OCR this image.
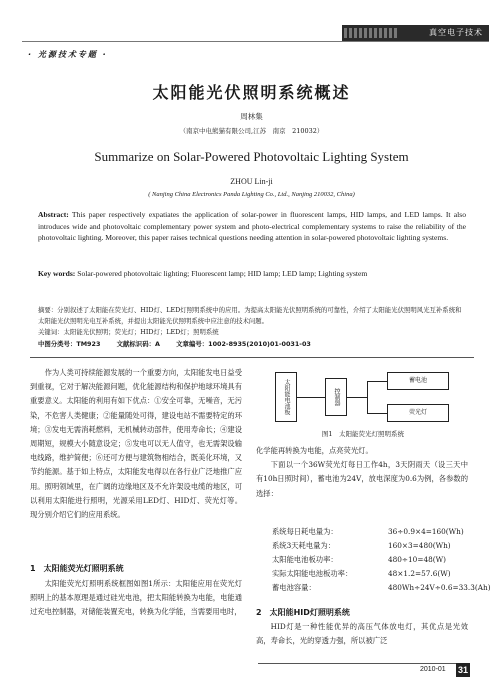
真空电子技术
· 光源技术专题 ·
太阳能光伏照明系统概述
周林集
（南京中电熊猫有限公司,江苏　南京　210032）
Summarize on Solar-Powered Photovoltaic Lighting System
ZHOU Lin-ji
( Nanjing China Electronics Panda Lighting Co., Ltd., Nanjing 210032, China)
Abstract: This paper respectively expatiates the application of solar-power in fluorescent lamps, HID lamps, and LED lamps. It also introduces wide and photovoltaic complementary power system and photo-electrical complementary systems to raise the reliability of the photovoltaic lighting. Moreover, this paper raises technical questions needing attention in solar-powered photovoltaic lighting systems.
Key words: Solar-powered photovoltaic lighting; Fluorescent lamp; HID lamp; LED lamp; Lighting system
摘要：分别叙述了太阳能在荧光灯、HID灯、LED灯照明系统中的应用。为提高太阳能光伏照明系统的可靠性，介绍了太阳能光伏照明风光互补系统和太阳能光伏照明光电互补系统，并提出太阳能光伏照明系统中应注意的技术问题。
关键词：太阳能光伏照明；荧光灯；HID灯；LED灯；照明系统
中图分类号：TM923	文献标识码：A	文章编号：1002-8935(2010)01-0031-03
作为人类可持续能源发展的一个重要方向，太阳能发电日益受到重视，它对于解决能源问题，优化能源结构和保护地球环境具有重要意义。太阳能的利用有如下优点：①安全可靠，无噪音，无污染，不危害人类健康；②能量随处可得，建设电站不需要特定的环境；③发电无需消耗燃料，无机械转动部件，使用寿命长；④建设周期短，规模大小随意设定；⑤发电可以无人值守，也无需架设输电线路，维护简便；⑥还可方便与建筑物相结合，既美化环境，又节约能源。基于如上特点，太阳能发电得以在各行业广泛地推广应用。照明领域里，在广阔的边缘地区及不允许架设电缆的地区，可以利用太阳能进行照明，光源采用LED灯、HID灯、荧光灯等。现分别介绍它们的应用系统。
1　太阳能荧光灯照明系统
太阳能荧光灯照明系统框图如图1所示：太阳能应用在荧光灯照明上的基本原理是通过硅光电池，把太阳能转换为电能，电能通过充电控制器，对储能装置充电，转换为化学能，当需要用电时，
太阳能电池板	控制器
蓄电池
荧光灯
图1　太阳能荧光灯照明系统
化学能再转换为电能，点亮荧光灯。

下面以一个36W荧光灯每日工作4h，3天阴雨天（设三天中有10h日照时间），蓄电池为24V，放电深度为0.6为例，各参数的选择：

系统每日耗电量为：	36÷0.9×4=160(Wh)
系统3天耗电量为：	160×3=480(Wh)
太阳能电池板功率：	480÷10=48(W)
实际太阳能电池板功率：	48×1.2=57.6(W)
蓄电池容量：	480Wh÷24V÷0.6=33.3(Ah)
2　太阳能HID灯照明系统
HID灯是一种性能优异的高压气体放电灯，其优点是光效高，寿命长，光的穿透力强，所以被广泛
2010-01 31
